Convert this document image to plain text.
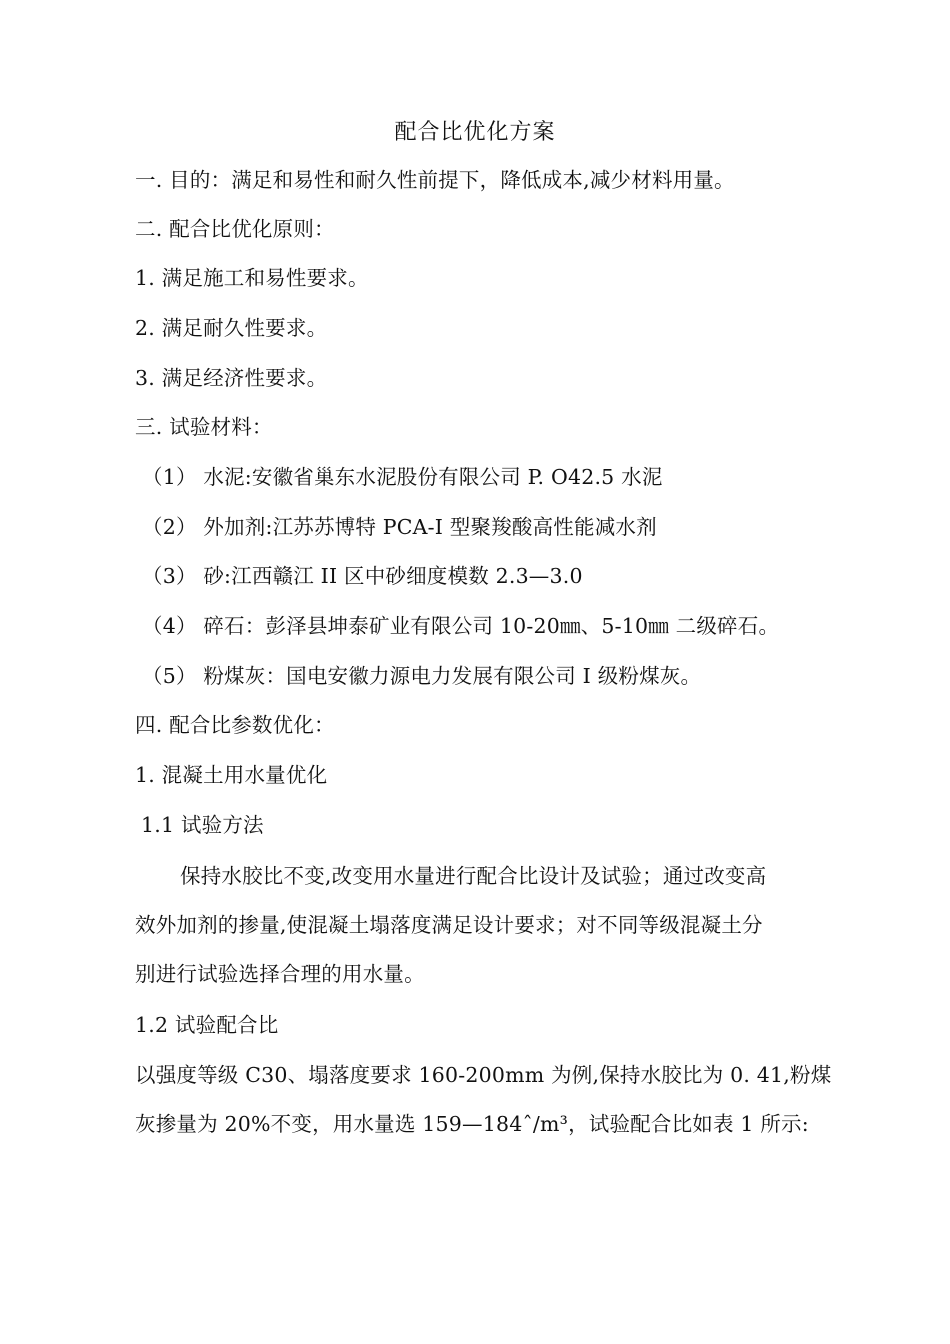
配合比优化方案
一. 目的：满足和易性和耐久性前提下，降低成本,减少材料用量。
二. 配合比优化原则：
1. 满足施工和易性要求。
2. 满足耐久性要求。
3. 满足经济性要求。
三. 试验材料：
（1） 水泥:安徽省巢东水泥股份有限公司 P. O42.5 水泥
（2） 外加剂:江苏苏博特 PCA-I 型聚羧酸高性能减水剂
（3） 砂:江西赣江 II 区中砂细度模数 2.3—3.0
（4） 碎石：彭泽县坤泰矿业有限公司 10-20㎜、5-10㎜ 二级碎石。
（5） 粉煤灰：国电安徽力源电力发展有限公司 I 级粉煤灰。
四. 配合比参数优化：
1. 混凝土用水量优化
1.1 试验方法
保持水胶比不变,改变用水量进行配合比设计及试验；通过改变高
效外加剂的掺量,使混凝土塌落度满足设计要求；对不同等级混凝土分
别进行试验选择合理的用水量。
1.2 试验配合比
以强度等级 C30、塌落度要求 160-200mm 为例,保持水胶比为 0. 41,粉煤
灰掺量为 20%不变，用水量选 159—184ˆ/m³，试验配合比如表 1 所示:
